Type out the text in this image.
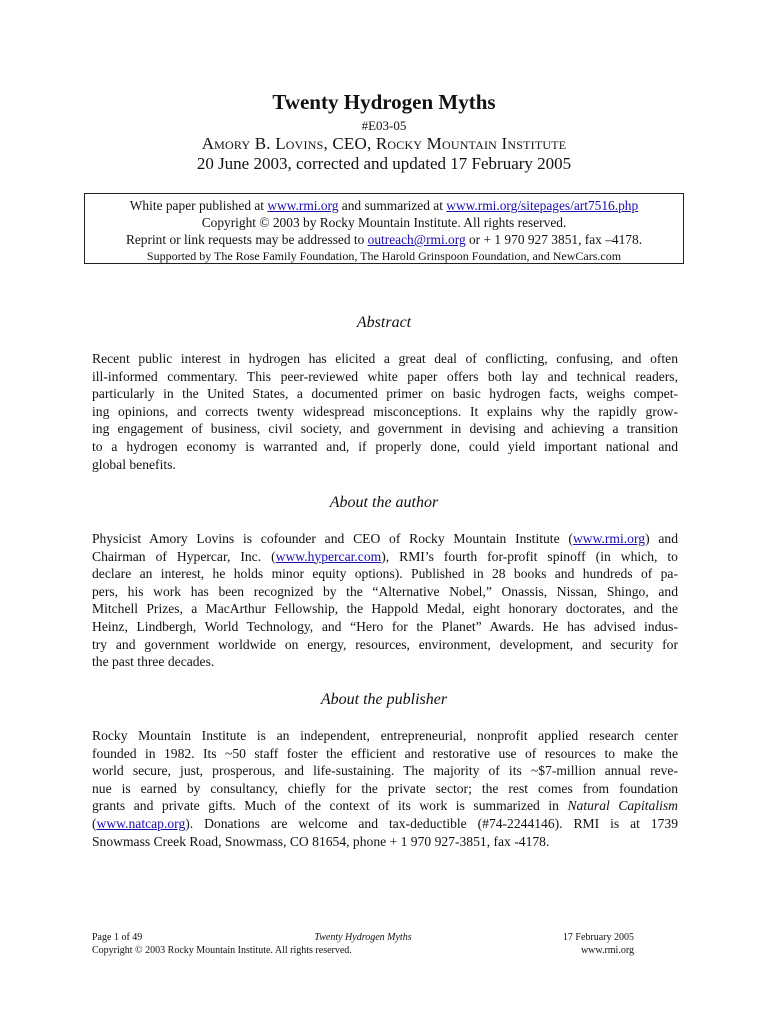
Twenty Hydrogen Myths
#E03-05
Amory B. Lovins, CEO, Rocky Mountain Institute
20 June 2003, corrected and updated 17 February 2005
White paper published at www.rmi.org and summarized at www.rmi.org/sitepages/art7516.php
Copyright © 2003 by Rocky Mountain Institute. All rights reserved.
Reprint or link requests may be addressed to outreach@rmi.org or + 1 970 927 3851, fax –4178.
Supported by The Rose Family Foundation, The Harold Grinspoon Foundation, and NewCars.com
Abstract
Recent public interest in hydrogen has elicited a great deal of conflicting, confusing, and often
ill-informed commentary. This peer-reviewed white paper offers both lay and technical readers,
particularly in the United States, a documented primer on basic hydrogen facts, weighs compet-
ing opinions, and corrects twenty widespread misconceptions. It explains why the rapidly grow-
ing engagement of business, civil society, and government in devising and achieving a transition
to a hydrogen economy is warranted and, if properly done, could yield important national and
global benefits.
About the author
Physicist Amory Lovins is cofounder and CEO of Rocky Mountain Institute (www.rmi.org) and
Chairman of Hypercar, Inc. (www.hypercar.com), RMI’s fourth for-profit spinoff (in which, to
declare an interest, he holds minor equity options). Published in 28 books and hundreds of pa-
pers, his work has been recognized by the “Alternative Nobel,” Onassis, Nissan, Shingo, and
Mitchell Prizes, a MacArthur Fellowship, the Happold Medal, eight honorary doctorates, and the
Heinz, Lindbergh, World Technology, and “Hero for the Planet” Awards. He has advised indus-
try and government worldwide on energy, resources, environment, development, and security for
the past three decades.
About the publisher
Rocky Mountain Institute is an independent, entrepreneurial, nonprofit applied research center
founded in 1982. Its ~50 staff foster the efficient and restorative use of resources to make the
world secure, just, prosperous, and life-sustaining. The majority of its ~$7-million annual reve-
nue is earned by consultancy, chiefly for the private sector; the rest comes from foundation
grants and private gifts. Much of the context of its work is summarized in Natural Capitalism
(www.natcap.org). Donations are welcome and tax-deductible (#74-2244146). RMI is at 1739
Snowmass Creek Road, Snowmass, CO 81654, phone + 1 970 927-3851, fax -4178.
Page 1 of 49	Twenty Hydrogen Myths	17 February 2005
Copyright © 2003 Rocky Mountain Institute. All rights reserved.	www.rmi.org
